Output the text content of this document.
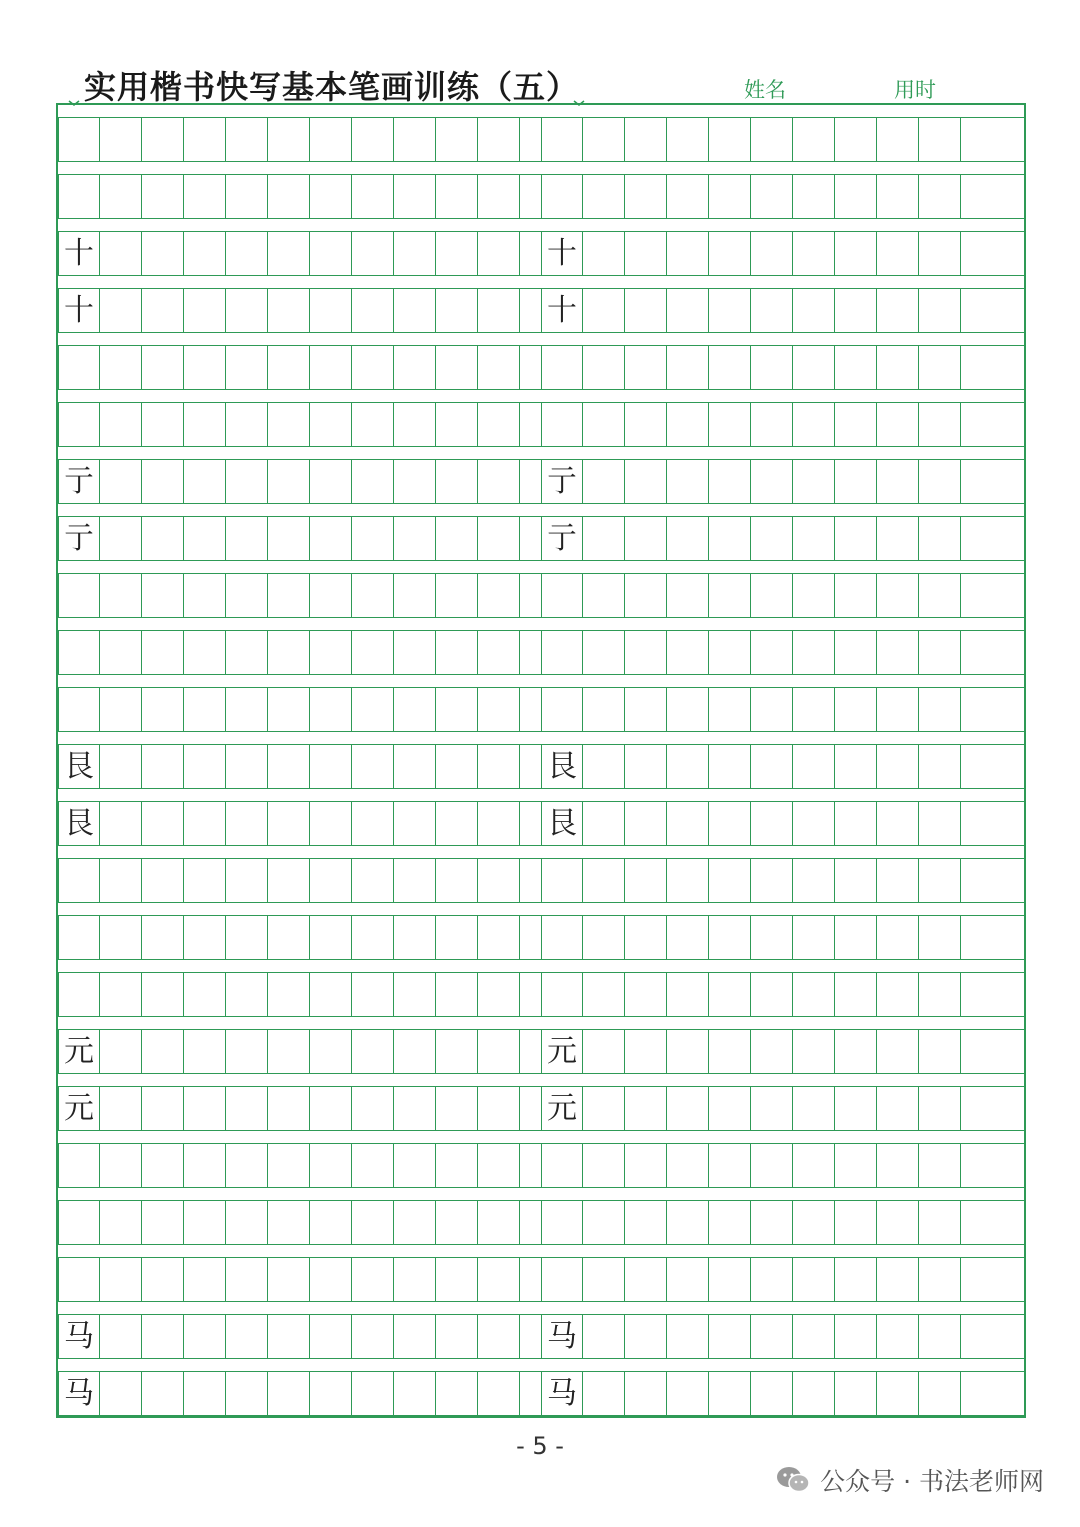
实用楷书快写基本笔画训练（五）	姓名	用时
十	十
十	十
亍	亍
亍	亍
艮	艮
艮	艮
元	元
元	元
马	马
马	马
- 5 -
公众号 · 书法老师网
